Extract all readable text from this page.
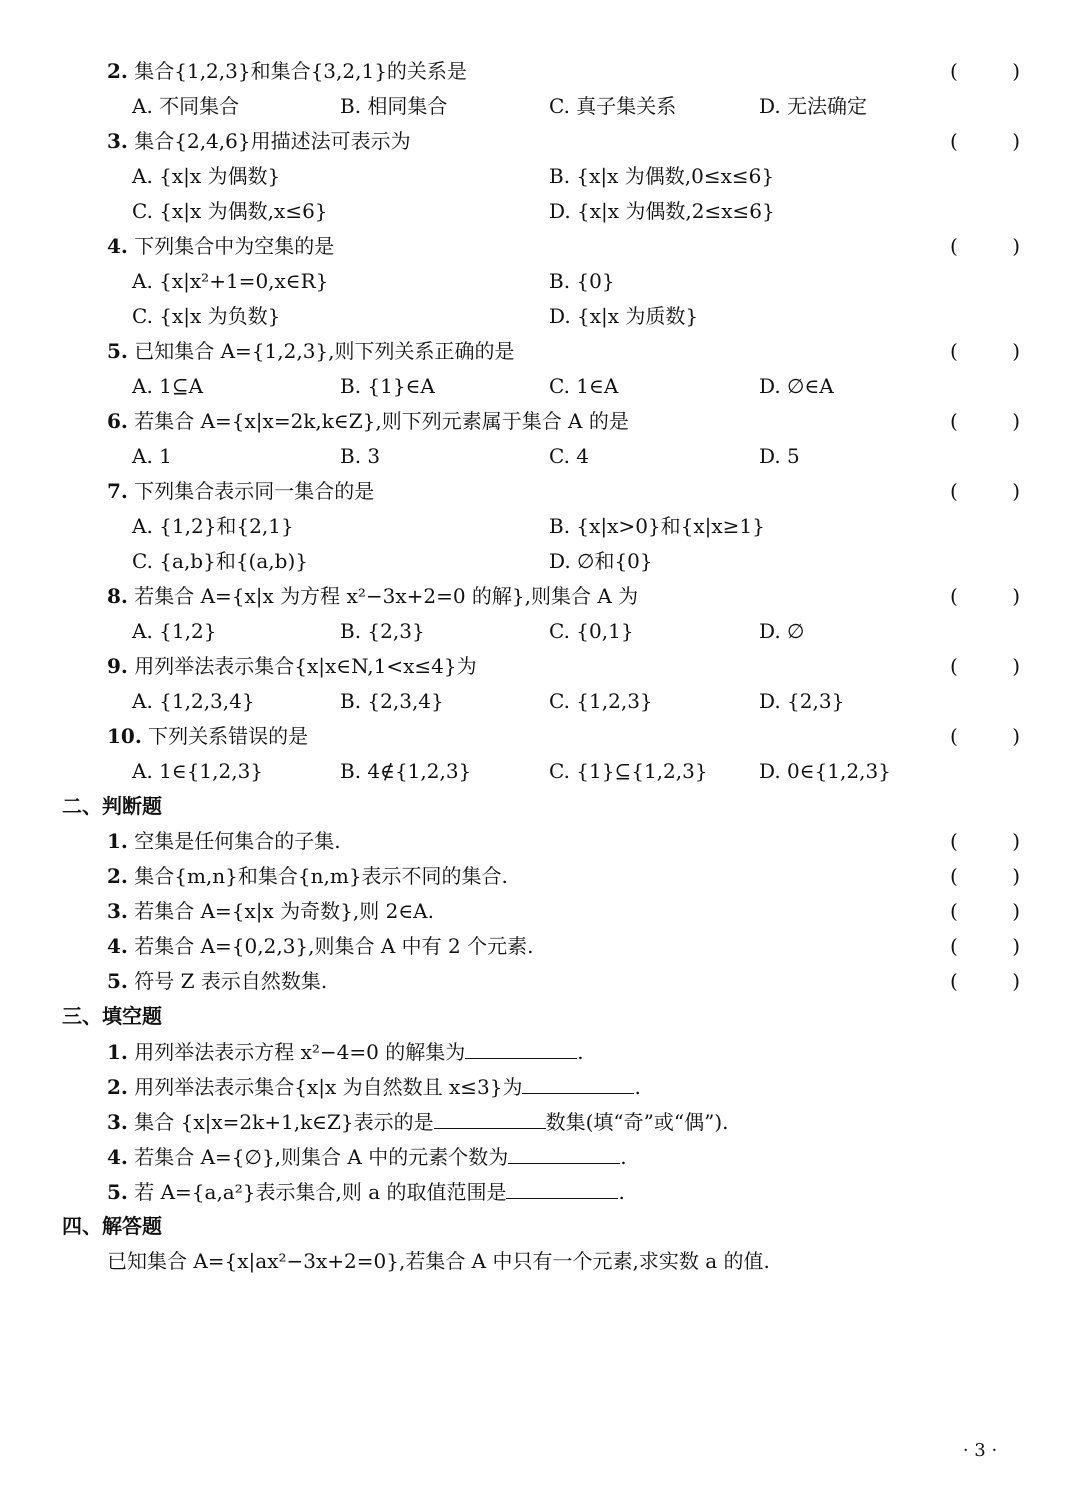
2. 集合{1,2,3}和集合{3,2,1}的关系是	(	)
A. 不同集合	B. 相同集合	C. 真子集关系	D. 无法确定
3. 集合{2,4,6}用描述法可表示为	(	)
A. {x|x 为偶数}	B. {x|x 为偶数,0≤x≤6}
C. {x|x 为偶数,x≤6}	D. {x|x 为偶数,2≤x≤6}
4. 下列集合中为空集的是	(	)
A. {x|x²+1=0,x∈R}	B. {0}
C. {x|x 为负数}	D. {x|x 为质数}
5. 已知集合 A={1,2,3},则下列关系正确的是	(	)
A. 1⊆A	B. {1}∈A	C. 1∈A	D. ∅∈A
6. 若集合 A={x|x=2k,k∈Z},则下列元素属于集合 A 的是	(	)
A. 1	B. 3	C. 4	D. 5
7. 下列集合表示同一集合的是	(	)
A. {1,2}和{2,1}	B. {x|x>0}和{x|x≥1}
C. {a,b}和{(a,b)}	D. ∅和{0}
8. 若集合 A={x|x 为方程 x²−3x+2=0 的解},则集合 A 为	(	)
A. {1,2}	B. {2,3}	C. {0,1}	D. ∅
9. 用列举法表示集合{x|x∈N,1<x≤4}为	(	)
A. {1,2,3,4}	B. {2,3,4}	C. {1,2,3}	D. {2,3}
10. 下列关系错误的是	(	)
A. 1∈{1,2,3}	B. 4∉{1,2,3}	C. {1}⊆{1,2,3}	D. 0∈{1,2,3}
二、判断题
1. 空集是任何集合的子集.	(	)
2. 集合{m,n}和集合{n,m}表示不同的集合.	(	)
3. 若集合 A={x|x 为奇数},则 2∈A.	(	)
4. 若集合 A={0,2,3},则集合 A 中有 2 个元素.	(	)
5. 符号 Z 表示自然数集.	(	)
三、填空题
1. 用列举法表示方程 x²−4=0 的解集为	.
2. 用列举法表示集合{x|x 为自然数且 x≤3}为	.
3. 集合 {x|x=2k+1,k∈Z}表示的是	数集(填“奇”或“偶”).
4. 若集合 A={∅},则集合 A 中的元素个数为	.
5. 若 A={a,a²}表示集合,则 a 的取值范围是	.
四、解答题
已知集合 A={x|ax²−3x+2=0},若集合 A 中只有一个元素,求实数 a 的值.
· 3 ·
